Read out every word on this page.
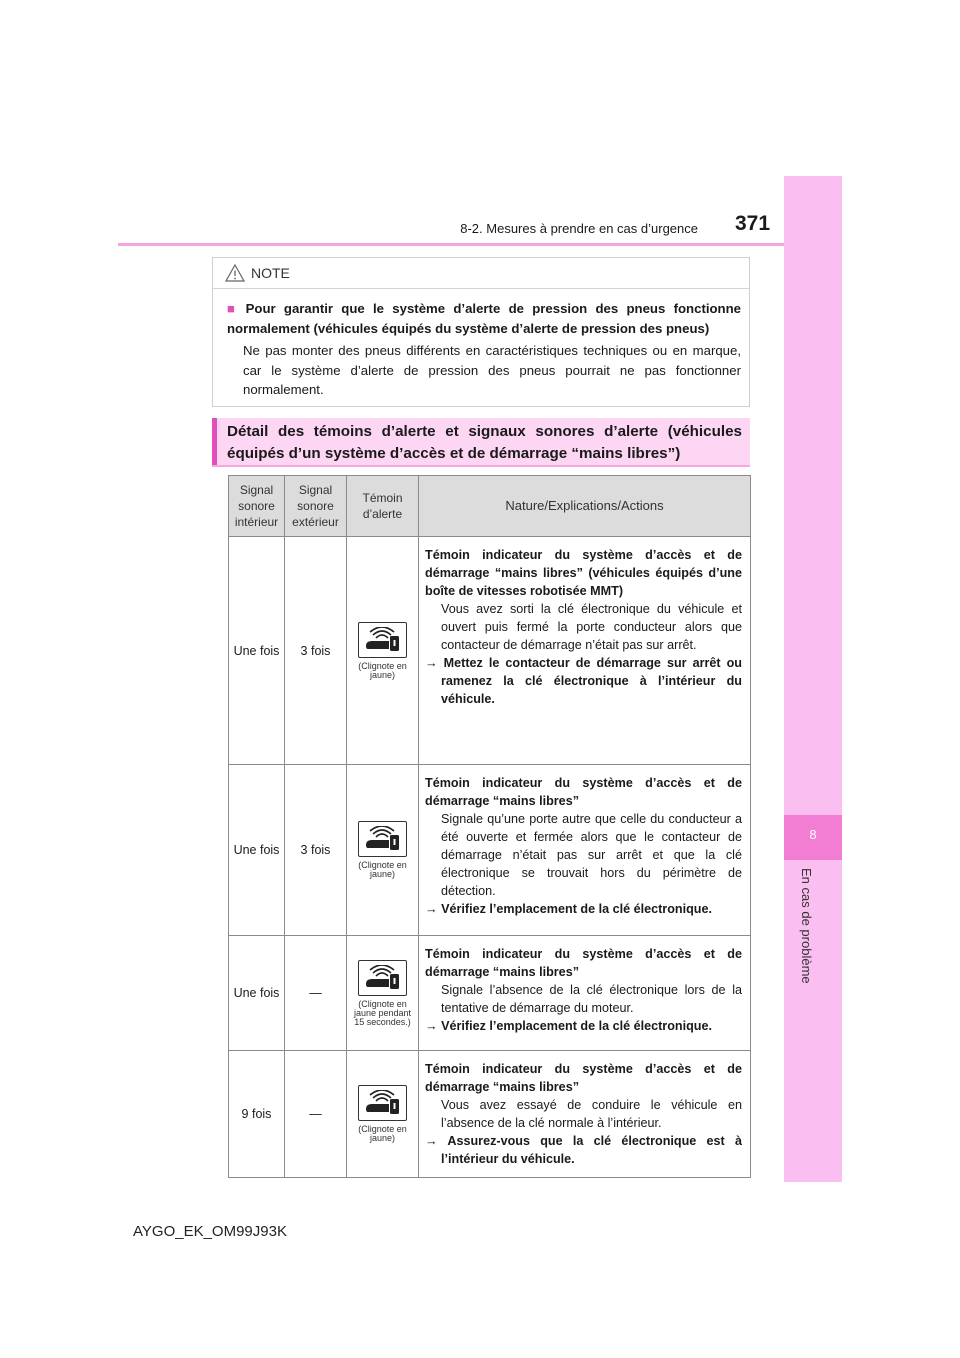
8-2. Mesures à prendre en cas d’urgence 371
8
En cas de problème
NOTE
■ Pour garantir que le système d’alerte de pression des pneus fonctionne normalement (véhicules équipés du système d’alerte de pression des pneus)
Ne pas monter des pneus différents en caractéristiques techniques ou en marque, car le système d’alerte de pression des pneus pourrait ne pas fonctionner normalement.
Détail des témoins d’alerte et signaux sonores d’alerte (véhicules équipés d’un système d’accès et de démarrage “mains libres”)
Signal sonore intérieur	Signal sonore extérieur	Témoin d’alerte	Nature/Explications/Actions
Une fois	3 fois	(Clignote en jaune)	Témoin indicateur du système d’accès et de démarrage “mains libres” (véhicules équipés d’une boîte de vitesses robotisée MMT)
Vous avez sorti la clé électronique du véhicule et ouvert puis fermé la porte conducteur alors que contacteur de démarrage n’était pas sur arrêt.
→ Mettez le contacteur de démarrage sur arrêt ou ramenez la clé électronique à l’intérieur du véhicule.

Une fois	3 fois	(Clignote en jaune)	Témoin indicateur du système d’accès et de démarrage “mains libres”
Signale qu’une porte autre que celle du conducteur a été ouverte et fermée alors que le contacteur de démarrage n’était pas sur arrêt et que la clé électronique se trouvait hors du périmètre de détection.
→ Vérifiez l’emplacement de la clé électronique.

Une fois	—	(Clignote en jaune pendant 15 secondes.)	Témoin indicateur du système d’accès et de démarrage “mains libres”
Signale l’absence de la clé électronique lors de la tentative de démarrage du moteur.
→ Vérifiez l’emplacement de la clé électronique.

9 fois	—	(Clignote en jaune)	Témoin indicateur du système d’accès et de démarrage “mains libres”
Vous avez essayé de conduire le véhicule en l’absence de la clé normale à l’intérieur.
→ Assurez-vous que la clé électronique est à l’intérieur du véhicule.
AYGO_EK_OM99J93K
